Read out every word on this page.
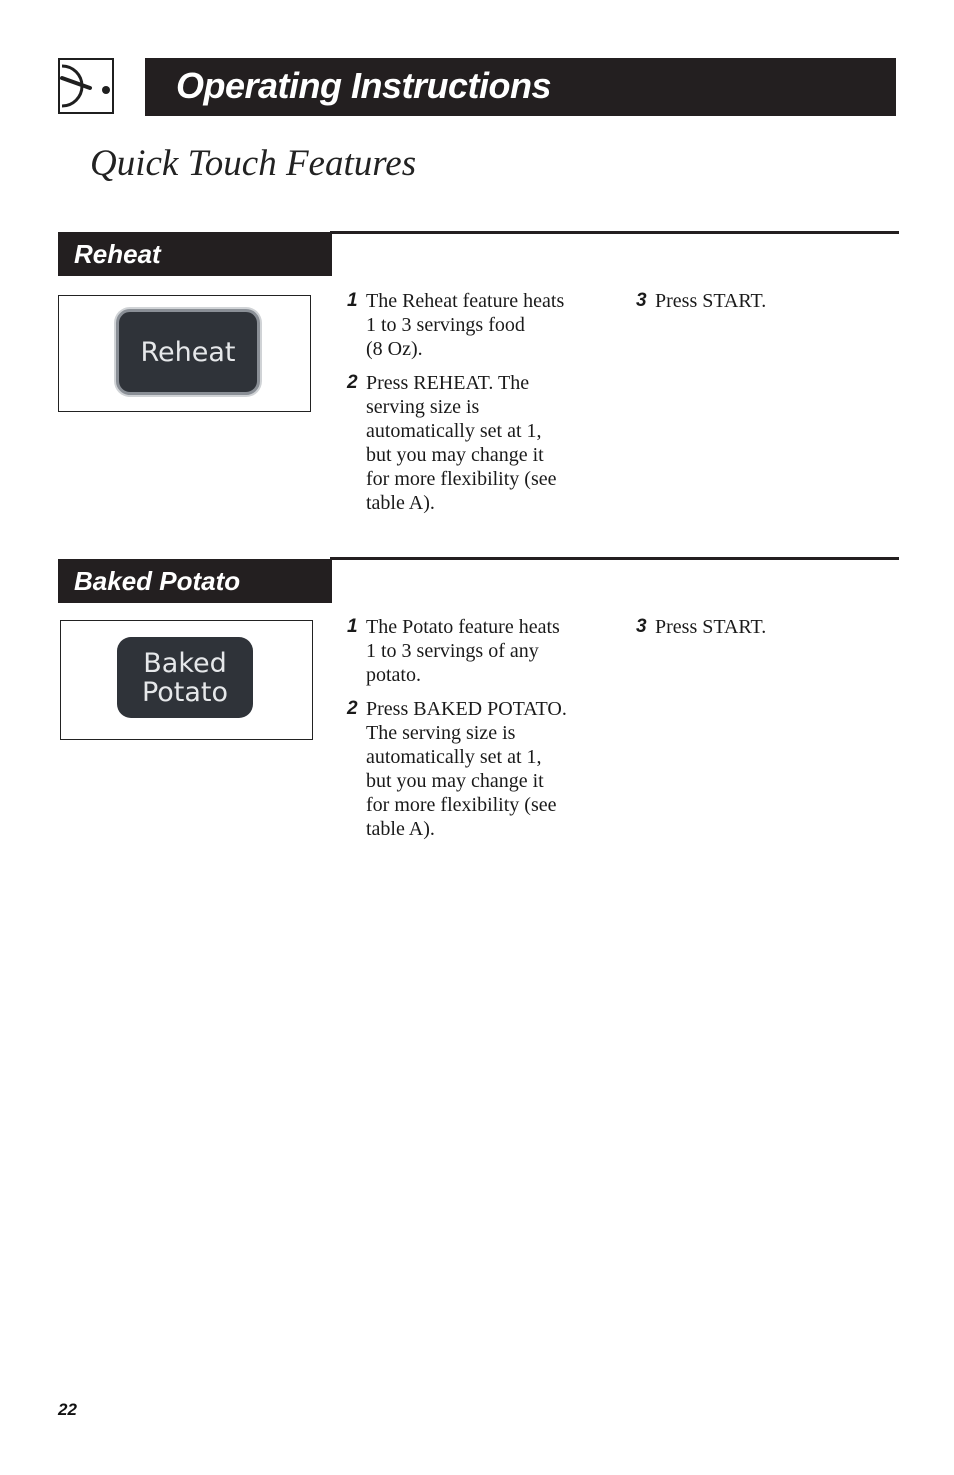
Operating Instructions
Quick Touch Features
Reheat
Reheat
1 The Reheat feature heats
1 to 3 servings food
(8 Oz).
2 Press REHEAT. The
serving size is
automatically set at 1,
but you may change it
for more flexibility (see
table A).
3 Press START.
Baked Potato
Baked
Potato
1 The Potato feature heats
1 to 3 servings of any
potato.
2 Press BAKED POTATO.
The serving size is
automatically set at 1,
but you may change it
for more flexibility (see
table A).
3 Press START.
22
